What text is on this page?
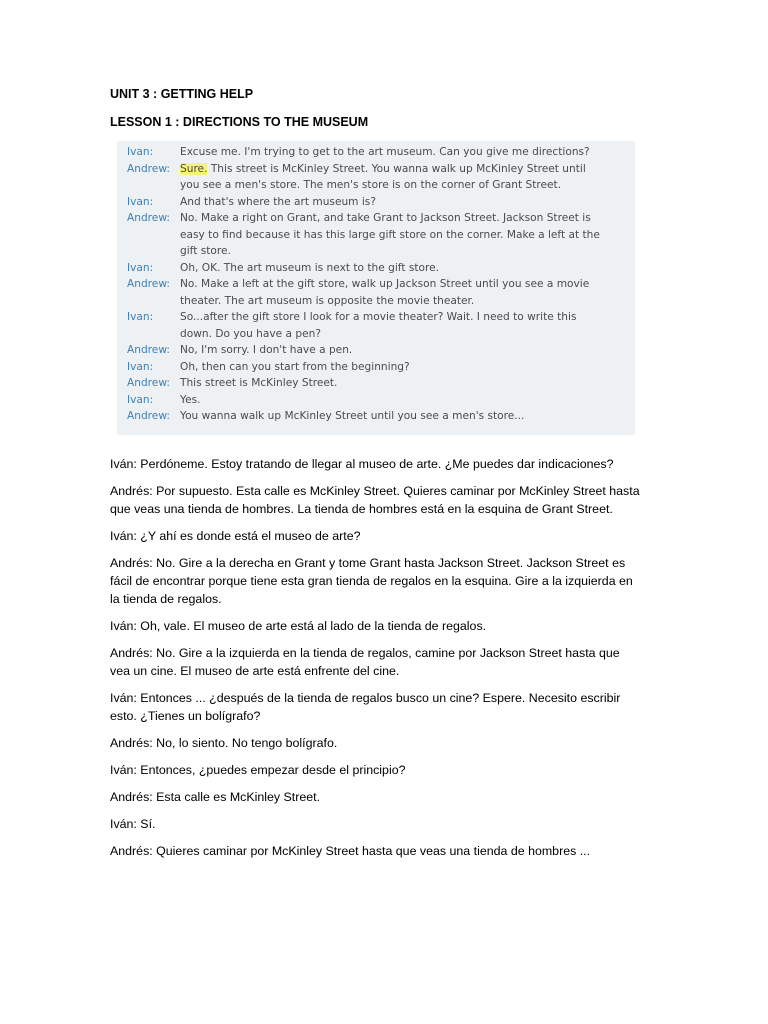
UNIT 3 : GETTING HELP

LESSON 1 : DIRECTIONS TO THE MUSEUM

Ivan:	Excuse me. I'm trying to get to the art museum. Can you give me directions?
Andrew: Sure. This street is McKinley Street. You wanna walk up McKinley Street until
you see a men's store. The men's store is on the corner of Grant Street.
Ivan:	And that's where the art museum is?
Andrew: No. Make a right on Grant, and take Grant to Jackson Street. Jackson Street is
easy to find because it has this large gift store on the corner. Make a left at the
gift store.
Ivan:	Oh, OK. The art museum is next to the gift store.
Andrew: No. Make a left at the gift store, walk up Jackson Street until you see a movie
theater. The art museum is opposite the movie theater.
Ivan:	So...after the gift store I look for a movie theater? Wait. I need to write this
down. Do you have a pen?
Andrew: No, I'm sorry. I don't have a pen.
Ivan:	Oh, then can you start from the beginning?
Andrew: This street is McKinley Street.
Ivan:	Yes.
Andrew: You wanna walk up McKinley Street until you see a men's store...

Iván: Perdóneme. Estoy tratando de llegar al museo de arte. ¿Me puedes dar indicaciones?

Andrés: Por supuesto. Esta calle es McKinley Street. Quieres caminar por McKinley Street hasta
que veas una tienda de hombres. La tienda de hombres está en la esquina de Grant Street.

Iván: ¿Y ahí es donde está el museo de arte?

Andrés: No. Gire a la derecha en Grant y tome Grant hasta Jackson Street. Jackson Street es
fácil de encontrar porque tiene esta gran tienda de regalos en la esquina. Gire a la izquierda en
la tienda de regalos.

Iván: Oh, vale. El museo de arte está al lado de la tienda de regalos.

Andrés: No. Gire a la izquierda en la tienda de regalos, camine por Jackson Street hasta que
vea un cine. El museo de arte está enfrente del cine.

Iván: Entonces ... ¿después de la tienda de regalos busco un cine? Espere. Necesito escribir
esto. ¿Tienes un bolígrafo?

Andrés: No, lo siento. No tengo bolígrafo.

Iván: Entonces, ¿puedes empezar desde el principio?

Andrés: Esta calle es McKinley Street.

Iván: Sí.

Andrés: Quieres caminar por McKinley Street hasta que veas una tienda de hombres ...
